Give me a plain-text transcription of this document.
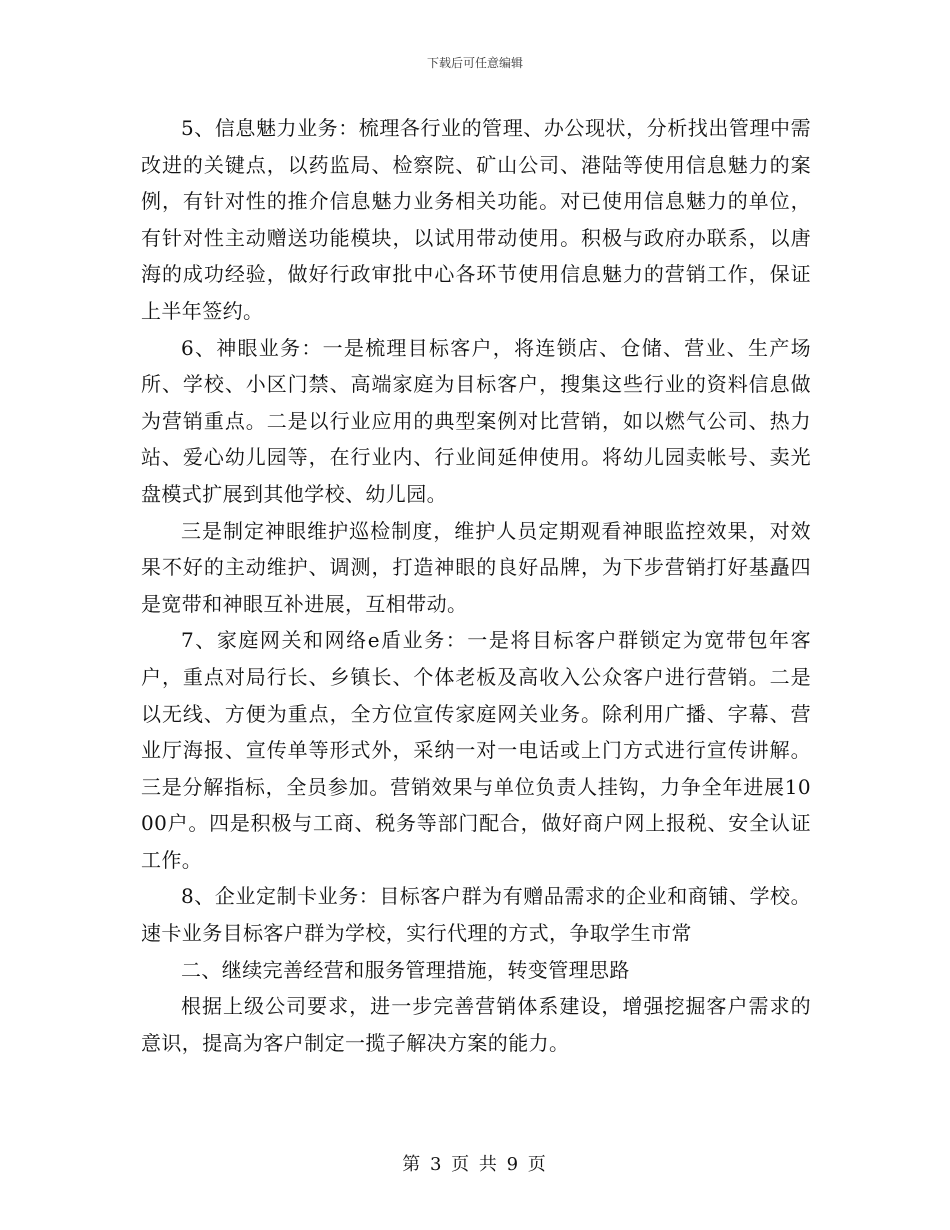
下载后可任意编辑

5、信息魅力业务：梳理各行业的管理、办公现状，分析找出管理中需改进的关键点，以药监局、检察院、矿山公司、港陆等使用信息魅力的案例，有针对性的推介信息魅力业务相关功能。对已使用信息魅力的单位，有针对性主动赠送功能模块，以试用带动使用。积极与政府办联系，以唐海的成功经验，做好行政审批中心各环节使用信息魅力的营销工作，保证上半年签约。

6、神眼业务：一是梳理目标客户，将连锁店、仓储、营业、生产场所、学校、小区门禁、高端家庭为目标客户，搜集这些行业的资料信息做为营销重点。二是以行业应用的典型案例对比营销，如以燃气公司、热力站、爱心幼儿园等，在行业内、行业间延伸使用。将幼儿园卖帐号、卖光盘模式扩展到其他学校、幼儿园。

三是制定神眼维护巡检制度，维护人员定期观看神眼监控效果，对效果不好的主动维护、调测，打造神眼的良好品牌，为下步营销打好基矗四是宽带和神眼互补进展，互相带动。

7、家庭网关和网络e盾业务：一是将目标客户群锁定为宽带包年客户，重点对局行长、乡镇长、个体老板及高收入公众客户进行营销。二是以无线、方便为重点，全方位宣传家庭网关业务。除利用广播、字幕、营业厅海报、宣传单等形式外，采纳一对一电话或上门方式进行宣传讲解。三是分解指标，全员参加。营销效果与单位负责人挂钩，力争全年进展1000户。四是积极与工商、税务等部门配合，做好商户网上报税、安全认证工作。

8、企业定制卡业务：目标客户群为有赠品需求的企业和商铺、学校。速卡业务目标客户群为学校，实行代理的方式，争取学生市常

二、继续完善经营和服务管理措施，转变管理思路

根据上级公司要求，进一步完善营销体系建设，增强挖掘客户需求的意识，提高为客户制定一揽子解决方案的能力。

第 3 页 共 9 页
